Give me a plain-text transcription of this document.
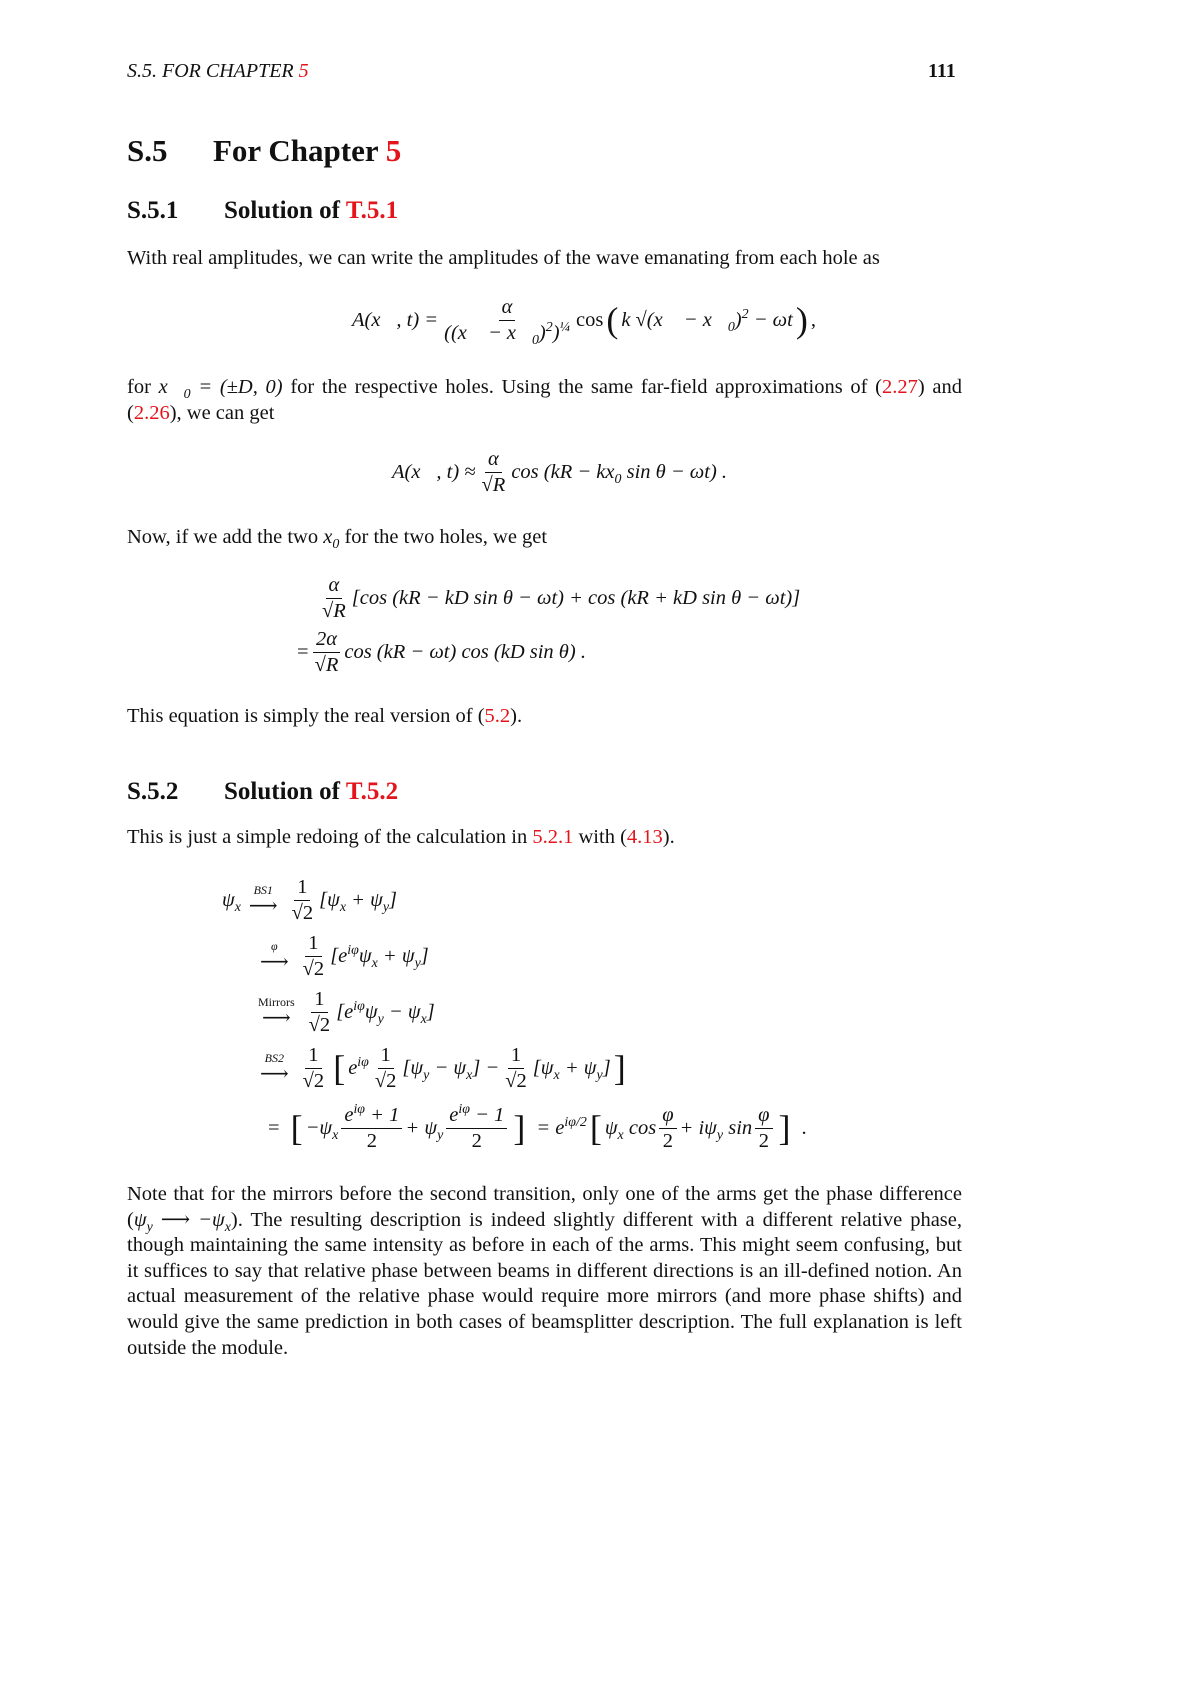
S.5. FOR CHAPTER 5	111
S.5 For Chapter 5
S.5.1 Solution of T.5.1
With real amplitudes, we can write the amplitudes of the wave emanating from each hole as
A(x⃗, $t) = \frac{\alpha}{((x⃗ - x⃗_0)^2)^{\frac{1}{4}}}$ cos ( k √(x⃗ − $x⃗_0)^2 - \omega t$ ) ,
for $x⃗_0 = (\pm D$, 0) for the respective holes. Using the same far-field approximations of (2.27) and (2.26), we can get
A(x⃗, $t) \approx \frac{\alpha}{√R}$ $\cos (kR - kx_0$ sin θ − ωt) .
Now, if we add the two $x_0$ for the two holes, we get
$\frac{\alpha}{√R} [\cos$ (kR − kD sin θ − ωt) + cos (kR + kD sin θ − ωt)]
= $\frac{2\alpha}{√R}$ cos (kR − ωt) cos (kD sin θ) .
This equation is simply the real version of (5.2).
S.5.2 Solution of T.5.2
This is just a simple redoing of the calculation in 5.2.1 with (4.13).
$\psi_x$
BS1
⟶ $\frac{1}{√2} [\psi_x + \psi_y]$
φ
⟶ $\frac{1}{√2} [e^{i\varphi}\psi_x + \psi_y]$
Mirrors
⟶ $\frac{1}{√2} [e^{i\varphi}\psi_y - \psi_x]$
BS2
⟶ $\frac{1}{√2}$ [ $e^{i\varphi} \frac{1}{√2} [\psi_y - \psi_x] - \frac{1}{√2} [\psi_x + \psi_y]$ ]
= [ $-\psi_x \frac{e^{i\varphi} + 1}{2} + \psi_y \frac{e^{i\varphi} - 1}{2}$ ] = $e^{i\varphi/2}$ [ $\psi_x$ $\cos \frac{\varphi}{2} + i\psi_y$ $\sin \frac{\varphi}{2}$ ] .
Note that for the mirrors before the second transition, only one of the arms get the phase difference ($\psi_y$ ⟶ $-\psi_x$). The resulting description is indeed slightly different with a different relative phase, though maintaining the same intensity as before in each of the arms. This might seem confusing, but it suffices to say that relative phase between beams in different directions is an ill-defined notion. An actual measurement of the relative phase would require more mirrors (and more phase shifts) and would give the same prediction in both cases of beamsplitter description. The full explanation is left outside the module.
